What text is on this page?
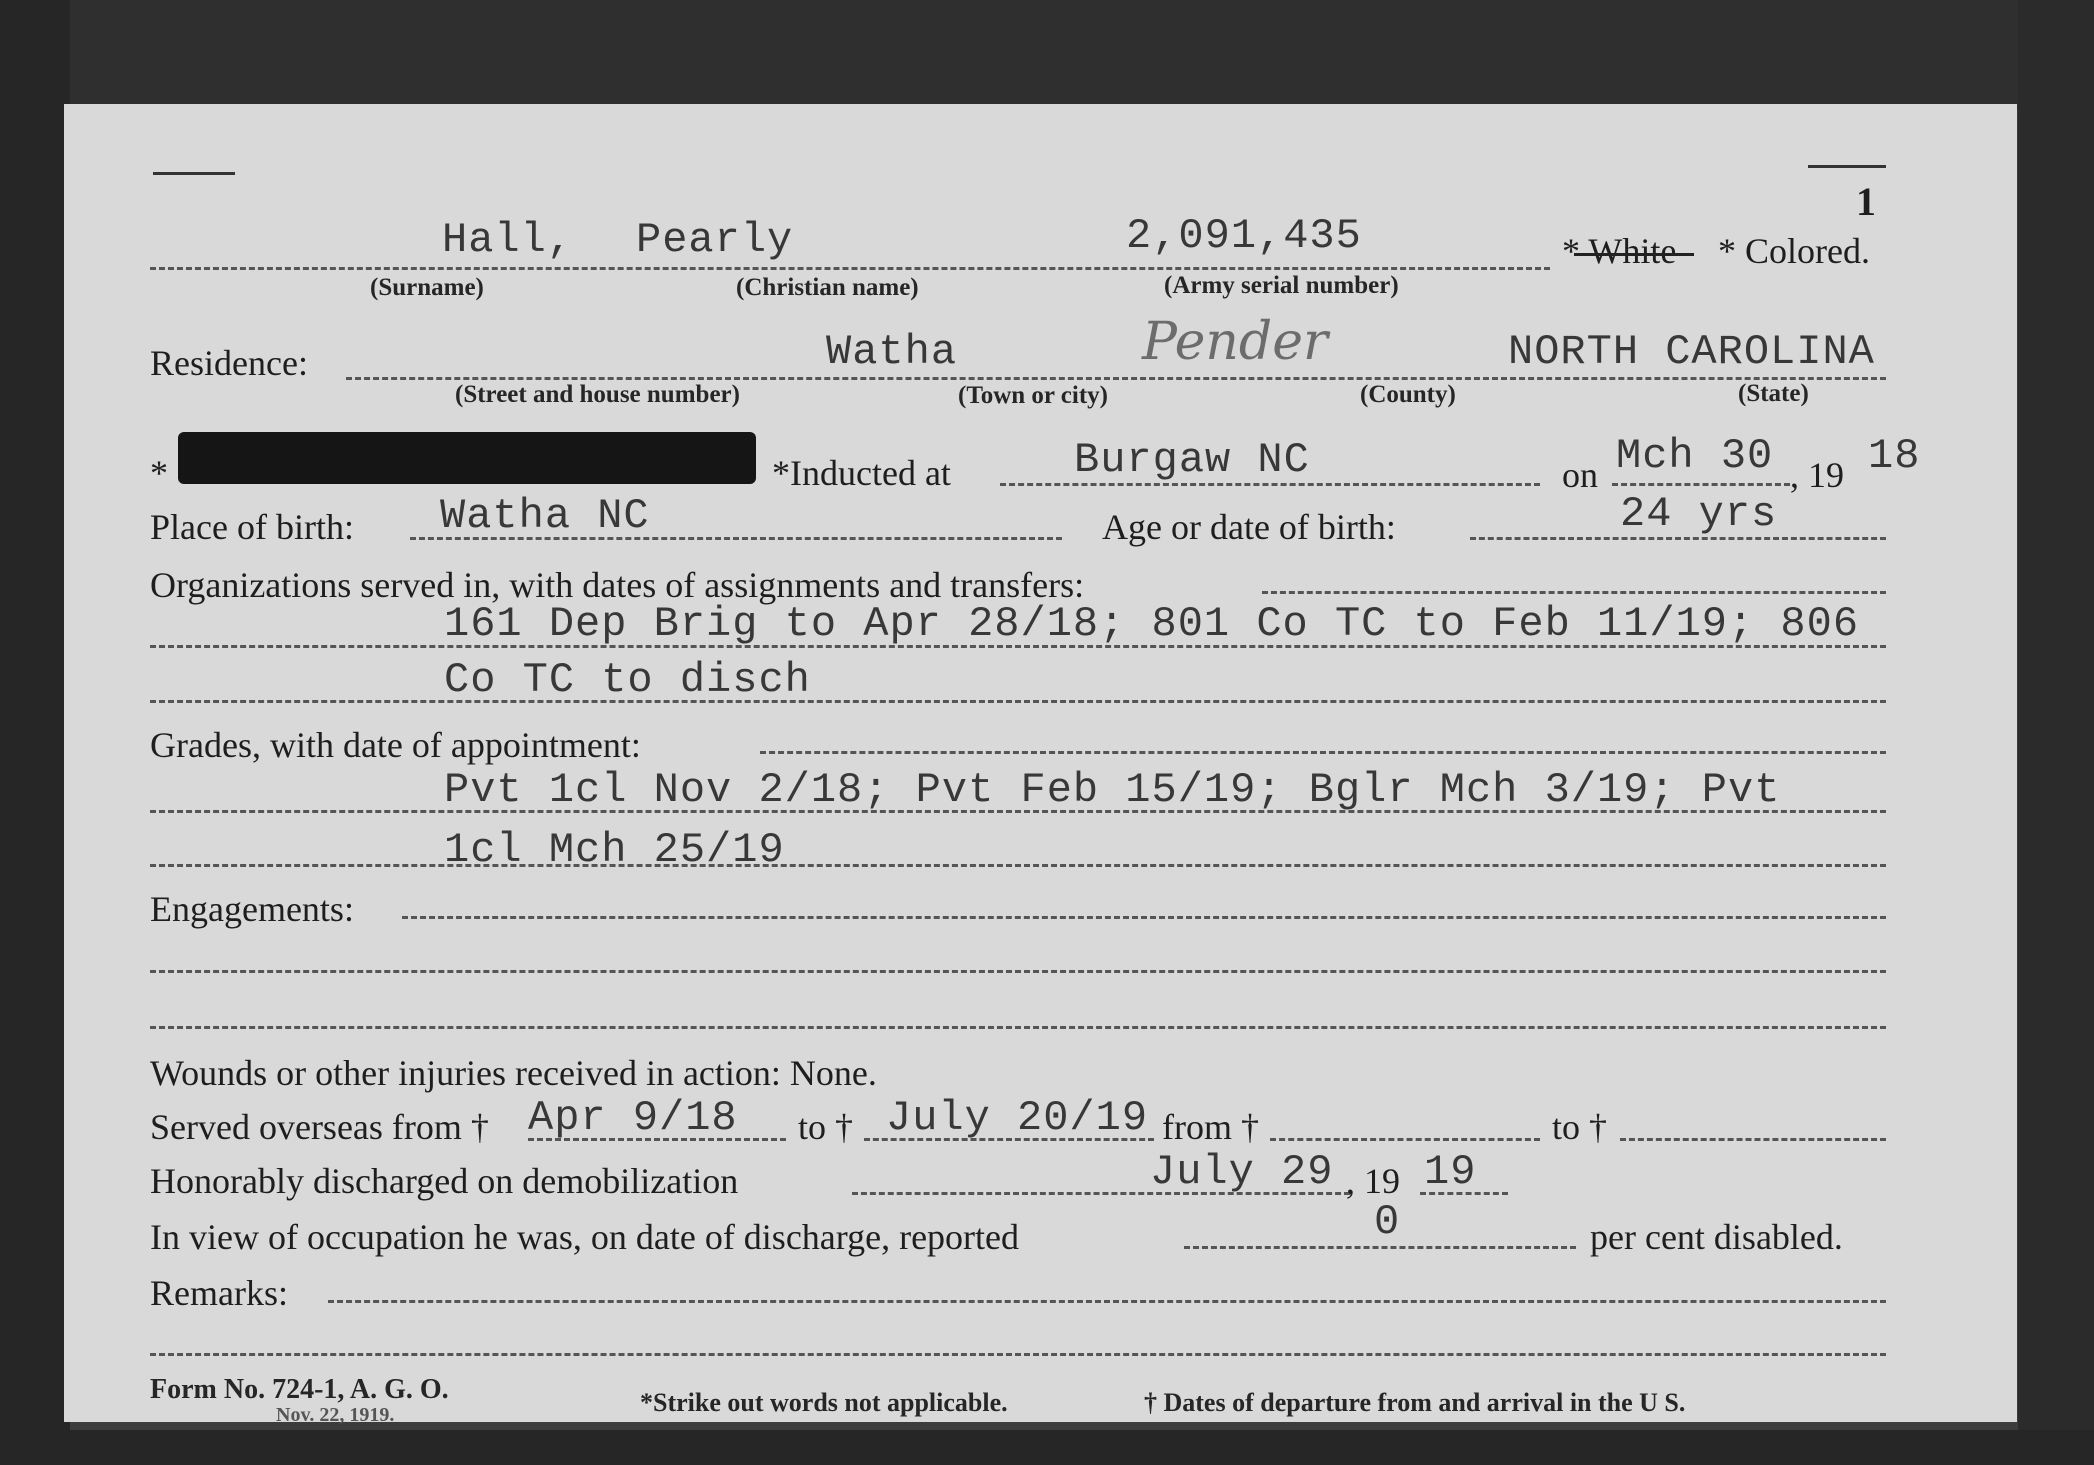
1
Hall, Pearly	2,091,435	* White * Colored.
(Surname)	(Christian name)	(Army serial number)
Residence:	Watha	Pender	NORTH CAROLINA
(Street and house number)	(Town or city)	(County)	(State)
*	*Inducted at	Burgaw NC	on Mch 30 , 19 18
Place of birth: Watha NC	Age or date of birth:	24 yrs
Organizations served in, with dates of assignments and transfers:
161 Dep Brig to Apr 28/18; 801 Co TC to Feb 11/19; 806
Co TC to disch
Grades, with date of appointment:
Pvt 1cl Nov 2/18; Pvt Feb 15/19; Bglr Mch 3/19; Pvt
1cl Mch 25/19
Engagements:
Wounds or other injuries received in action: None.
Served overseas from † Apr 9/18 to † July 20/19 from †	to †
Honorably discharged on demobilization	July 29 , 19 19
In view of occupation he was, on date of discharge, reported	0	per cent disabled.
Remarks:
Form No. 724-1, A. G. O.
Nov. 22, 1919.	*Strike out words not applicable.	† Dates of departure from and arrival in the U S.
